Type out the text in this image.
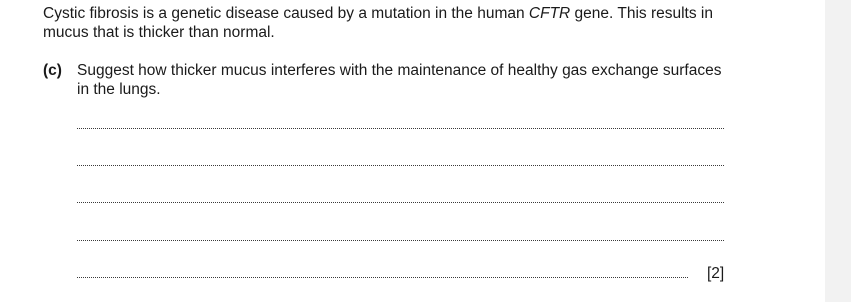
Cystic fibrosis is a genetic disease caused by a mutation in the human CFTR gene. This results in mucus that is thicker than normal.
(c) Suggest how thicker mucus interferes with the maintenance of healthy gas exchange surfaces in the lungs.
[2]
